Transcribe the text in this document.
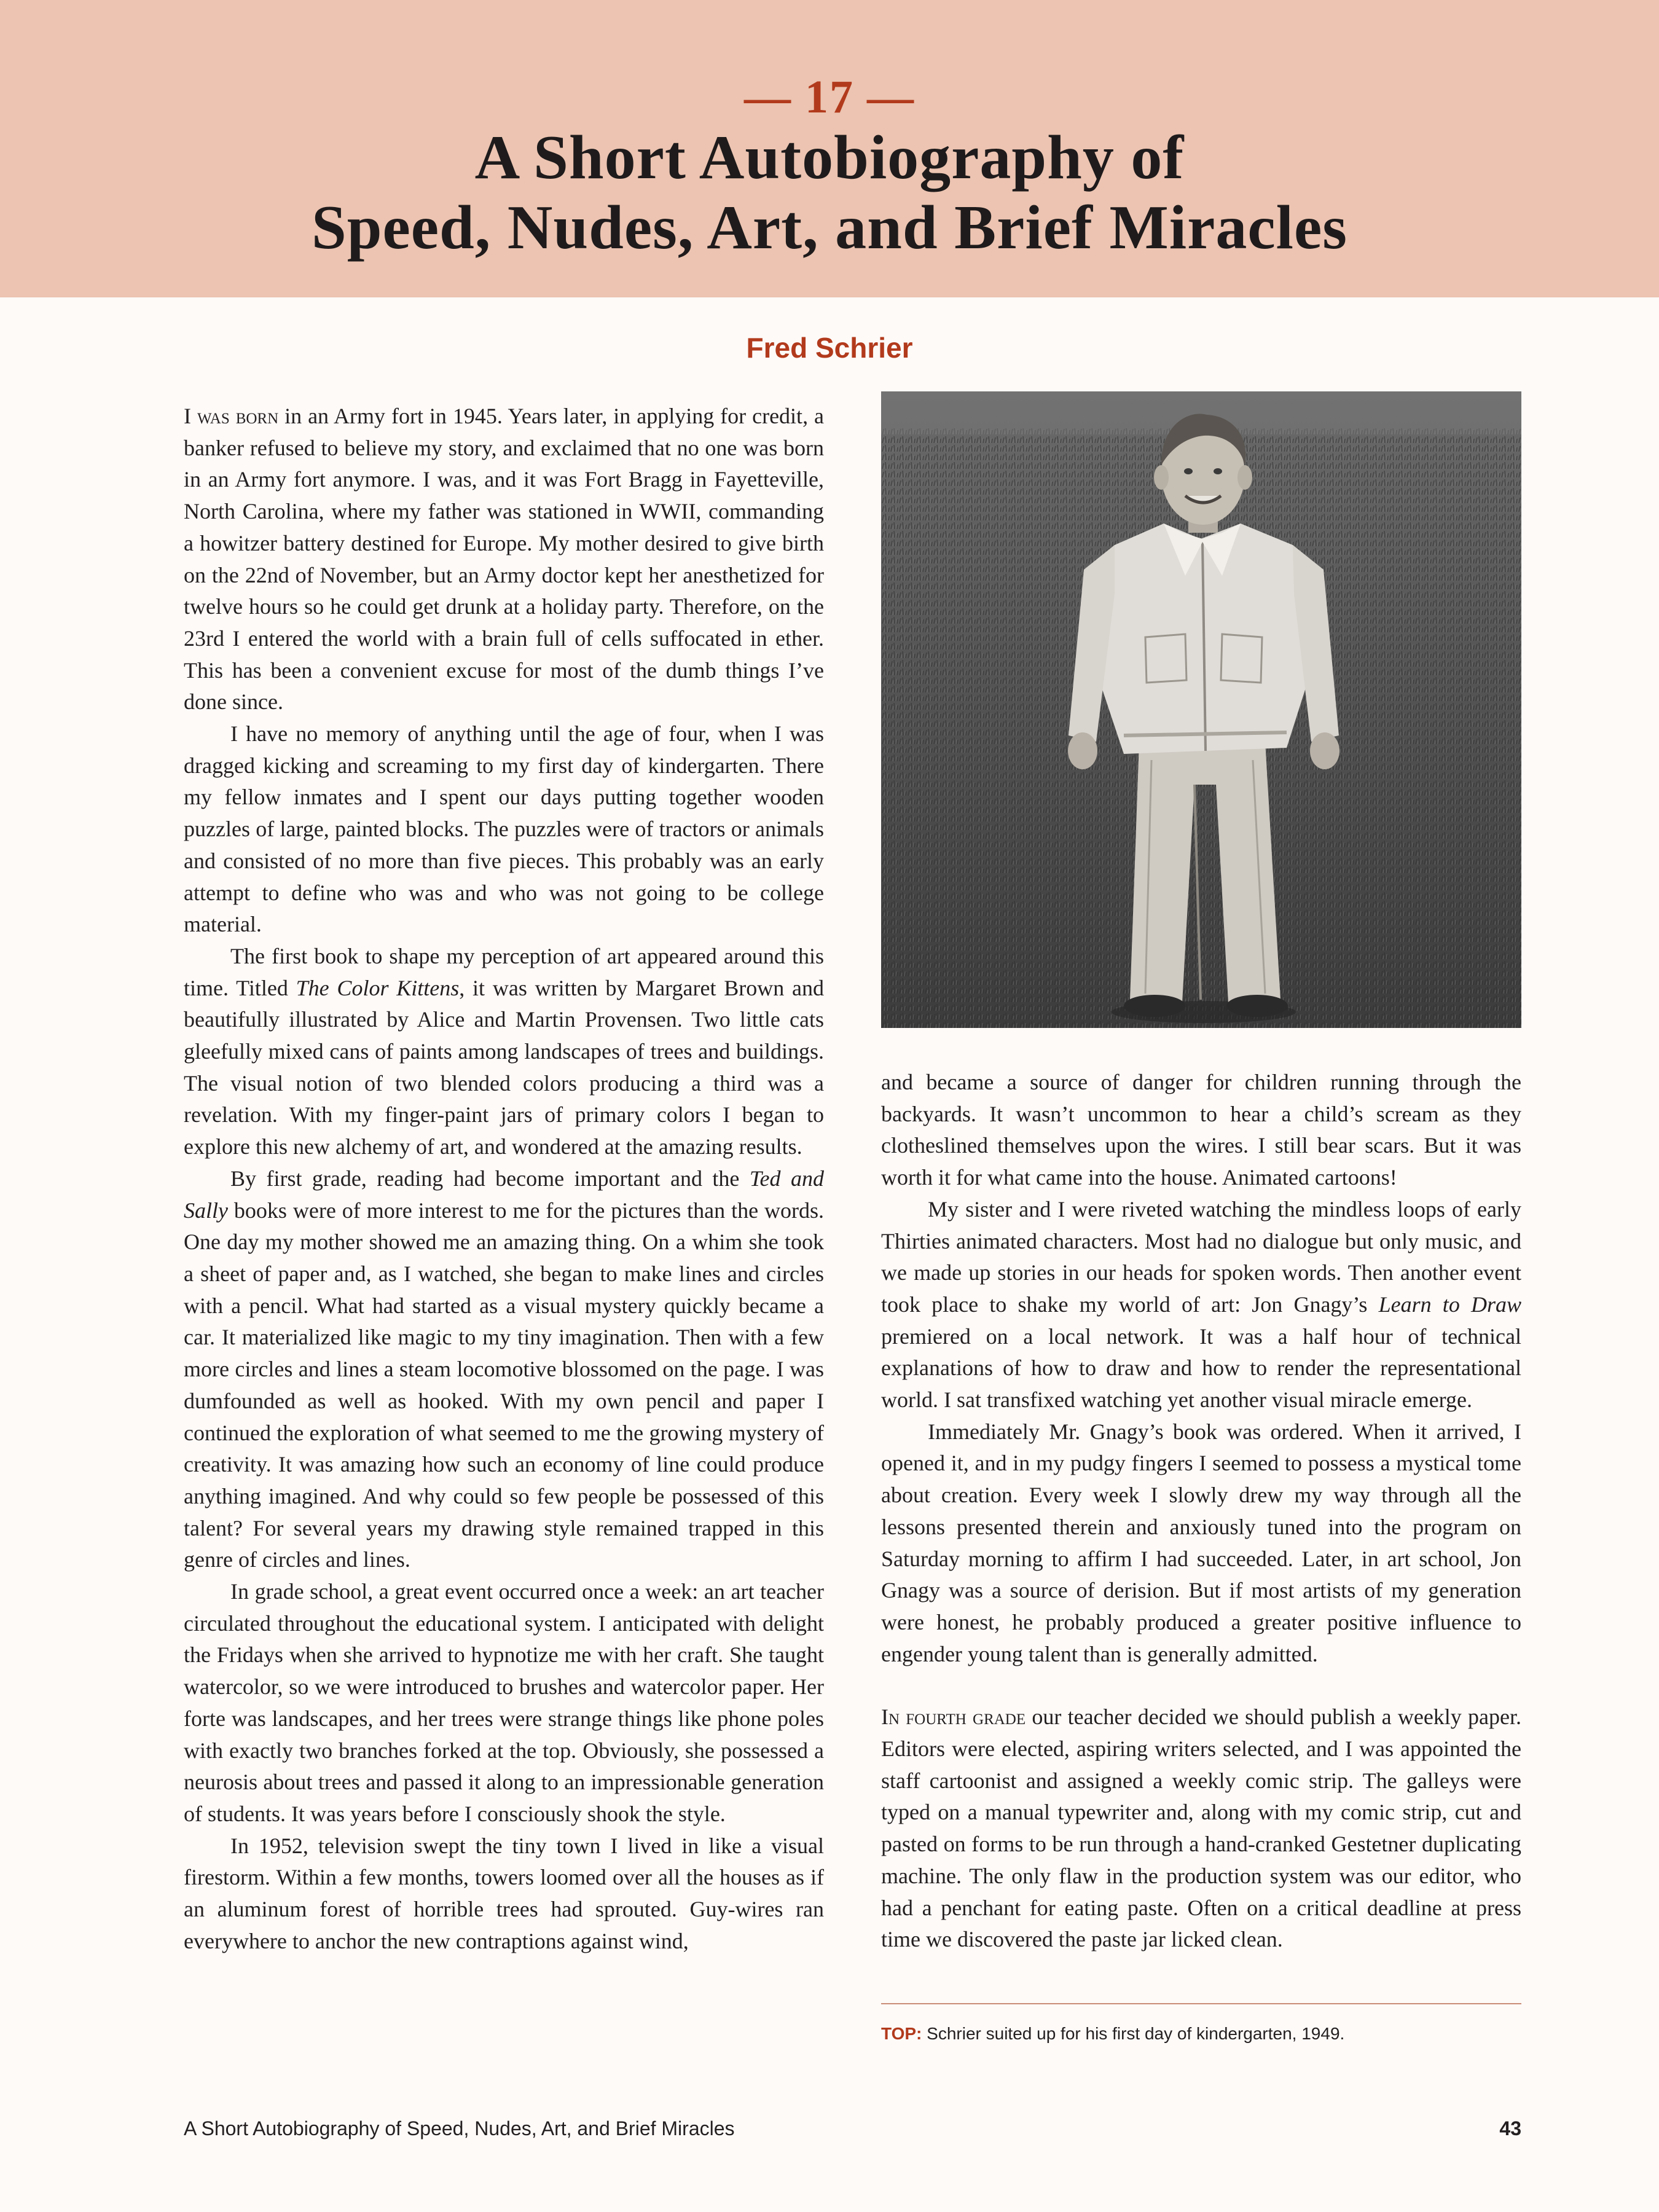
— 17 —
A Short Autobiography of
Speed, Nudes, Art, and Brief Miracles
Fred Schrier

I was born in an Army fort in 1945. Years later, in applying for credit, a banker refused to believe my story, and exclaimed that no one was born in an Army fort anymore. I was, and it was Fort Bragg in Fayetteville, North Carolina, where my father was stationed in WWII, commanding a howitzer battery destined for Europe. My mother desired to give birth on the 22nd of November, but an Army doctor kept her anesthetized for twelve hours so he could get drunk at a holiday party. Therefore, on the 23rd I entered the world with a brain full of cells suffocated in ether. This has been a convenient excuse for most of the dumb things I’ve done since.

I have no memory of anything until the age of four, when I was dragged kicking and screaming to my first day of kindergarten. There my fellow inmates and I spent our days putting together wooden puzzles of large, painted blocks. The puzzles were of tractors or animals and consisted of no more than five pieces. This probably was an early attempt to define who was and who was not going to be college material.

The first book to shape my perception of art appeared around this time. Titled The Color Kittens, it was written by Margaret Brown and beautifully illustrated by Alice and Martin Provensen. Two little cats gleefully mixed cans of paints among landscapes of trees and buildings. The visual notion of two blended colors producing a third was a revelation. With my finger-paint jars of primary colors I began to explore this new alchemy of art, and wondered at the amazing results.

By first grade, reading had become important and the Ted and Sally books were of more interest to me for the pictures than the words. One day my mother showed me an amazing thing. On a whim she took a sheet of paper and, as I watched, she began to make lines and circles with a pencil. What had started as a visual mystery quickly became a car. It materialized like magic to my tiny imagination. Then with a few more circles and lines a steam locomotive blossomed on the page. I was dumfounded as well as hooked. With my own pencil and paper I continued the exploration of what seemed to me the growing mystery of creativity. It was amazing how such an economy of line could produce anything imagined. And why could so few people be possessed of this talent? For several years my drawing style remained trapped in this genre of circles and lines.

In grade school, a great event occurred once a week: an art teacher circulated throughout the educational system. I anticipated with delight the Fridays when she arrived to hypnotize me with her craft. She taught watercolor, so we were introduced to brushes and watercolor paper. Her forte was landscapes, and her trees were strange things like phone poles with exactly two branches forked at the top. Obviously, she possessed a neurosis about trees and passed it along to an impressionable generation of students. It was years before I consciously shook the style.

In 1952, television swept the tiny town I lived in like a visual firestorm. Within a few months, towers loomed over all the houses as if an aluminum forest of horrible trees had sprouted. Guy-wires ran everywhere to anchor the new contraptions against wind,

and became a source of danger for children running through the backyards. It wasn’t uncommon to hear a child’s scream as they clotheslined themselves upon the wires. I still bear scars. But it was worth it for what came into the house. Animated cartoons!

My sister and I were riveted watching the mindless loops of early Thirties animated characters. Most had no dialogue but only music, and we made up stories in our heads for spoken words. Then another event took place to shake my world of art: Jon Gnagy’s Learn to Draw premiered on a local network. It was a half hour of technical explanations of how to draw and how to render the representational world. I sat transfixed watching yet another visual miracle emerge.

Immediately Mr. Gnagy’s book was ordered. When it arrived, I opened it, and in my pudgy fingers I seemed to possess a mystical tome about creation. Every week I slowly drew my way through all the lessons presented therein and anxiously tuned into the program on Saturday morning to affirm I had succeeded. Later, in art school, Jon Gnagy was a source of derision. But if most artists of my generation were honest, he probably produced a greater positive influence to engender young talent than is generally admitted.

In fourth grade our teacher decided we should publish a weekly paper. Editors were elected, aspiring writers selected, and I was appointed the staff cartoonist and assigned a weekly comic strip. The galleys were typed on a manual typewriter and, along with my comic strip, cut and pasted on forms to be run through a hand-cranked Gestetner duplicating machine. The only flaw in the production system was our editor, who had a penchant for eating paste. Often on a critical deadline at press time we discovered the paste jar licked clean.

TOP: Schrier suited up for his first day of kindergarten, 1949.
A Short Autobiography of Speed, Nudes, Art, and Brief Miracles	43
